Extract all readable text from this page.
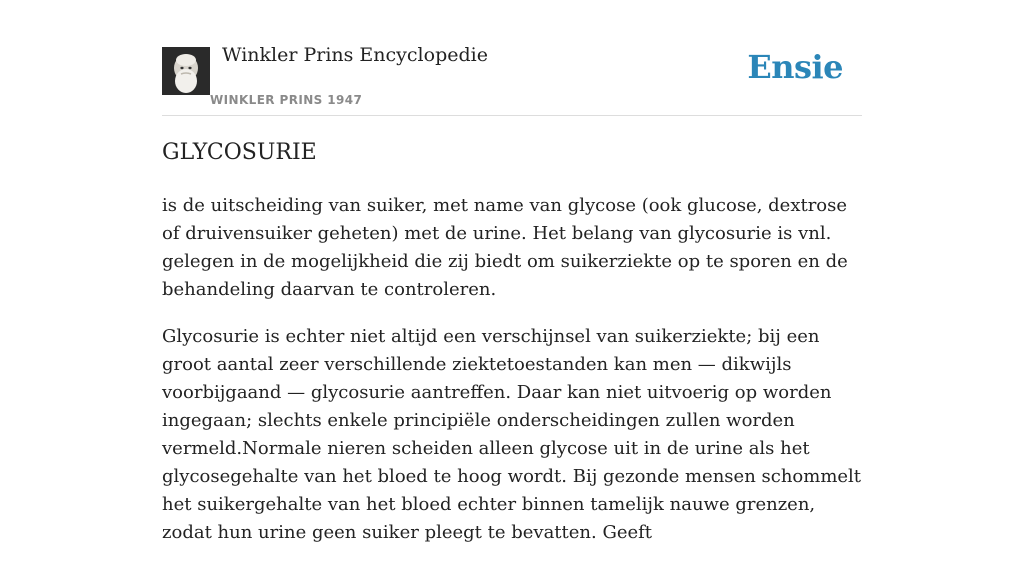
Winkler Prins Encyclopedie
WINKLER PRINS 1947
Ensie
GLYCOSURIE

is de uitscheiding van suiker, met name van glycose (ook glucose, dextrose of druivensuiker geheten) met de urine. Het belang van glycosurie is vnl. gelegen in de mogelijkheid die zij biedt om suikerziekte op te sporen en de behandeling daarvan te controleren.

Glycosurie is echter niet altijd een verschijnsel van suikerziekte; bij een groot aantal zeer verschillende ziektetoestanden kan men — dikwijls voorbijgaand — glycosurie aantreffen. Daar kan niet uitvoerig op worden ingegaan; slechts enkele principiële onderscheidingen zullen worden vermeld.Normale nieren scheiden alleen glycose uit in de urine als het glycosegehalte van het bloed te hoog wordt. Bij gezonde mensen schommelt het suikergehalte van het bloed echter binnen tamelijk nauwe grenzen, zodat hun urine geen suiker pleegt te bevatten. Geeft
